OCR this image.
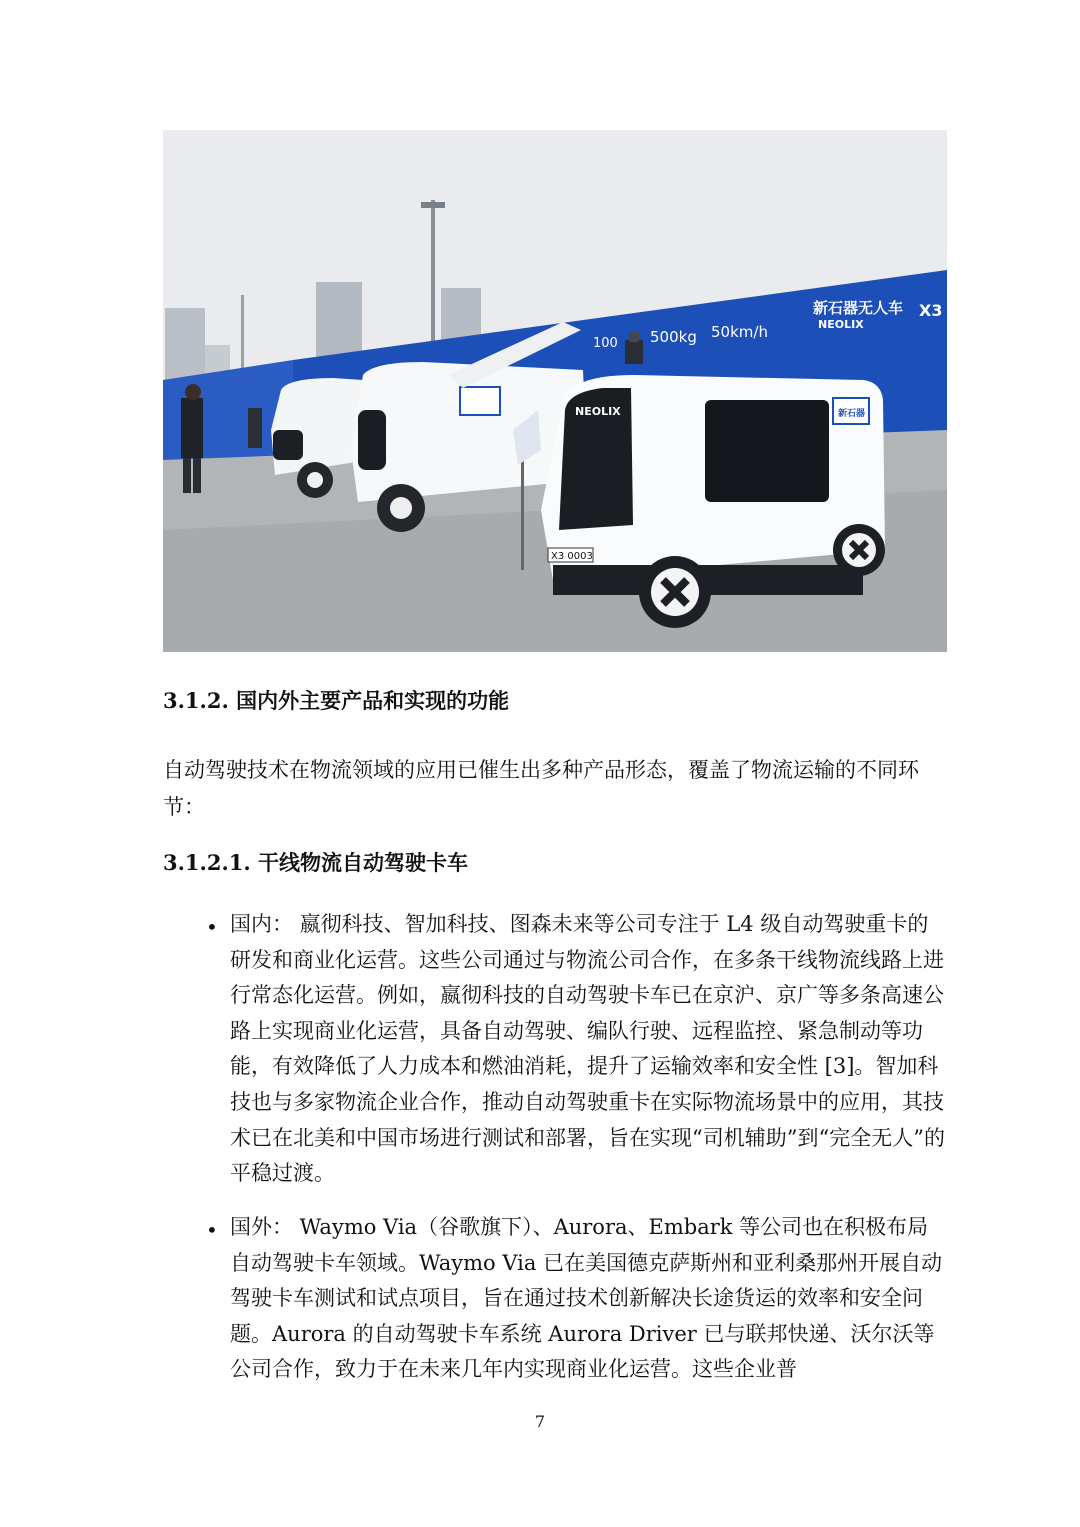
新石器无人车
NEOLIX
X3
100 500kg 50km/h
新石器
NEOLIX
X3 0003
3.1.2. 国内外主要产品和实现的功能

自动驾驶技术在物流领域的应用已催生出多种产品形态，覆盖了物流运输的不同环节：

3.1.2.1. 干线物流自动驾驶卡车
• 国内： 嬴彻科技、智加科技、图森未来等公司专注于 L4 级自动驾驶重卡的研发和商业化运营。这些公司通过与物流公司合作，在多条干线物流线路上进行常态化运营。例如，嬴彻科技的自动驾驶卡车已在京沪、京广等多条高速公路上实现商业化运营，具备自动驾驶、编队行驶、远程监控、紧急制动等功能，有效降低了人力成本和燃油消耗，提升了运输效率和安全性 [3]。智加科技也与多家物流企业合作，推动自动驾驶重卡在实际物流场景中的应用，其技术已在北美和中国市场进行测试和部署，旨在实现“司机辅助”到“完全无人”的平稳过渡。

• 国外： Waymo Via（谷歌旗下）、Aurora、Embark 等公司也在积极布局自动驾驶卡车领域。Waymo Via 已在美国德克萨斯州和亚利桑那州开展自动驾驶卡车测试和试点项目，旨在通过技术创新解决长途货运的效率和安全问题。Aurora 的自动驾驶卡车系统 Aurora Driver 已与联邦快递、沃尔沃等公司合作，致力于在未来几年内实现商业化运营。这些企业普

7
